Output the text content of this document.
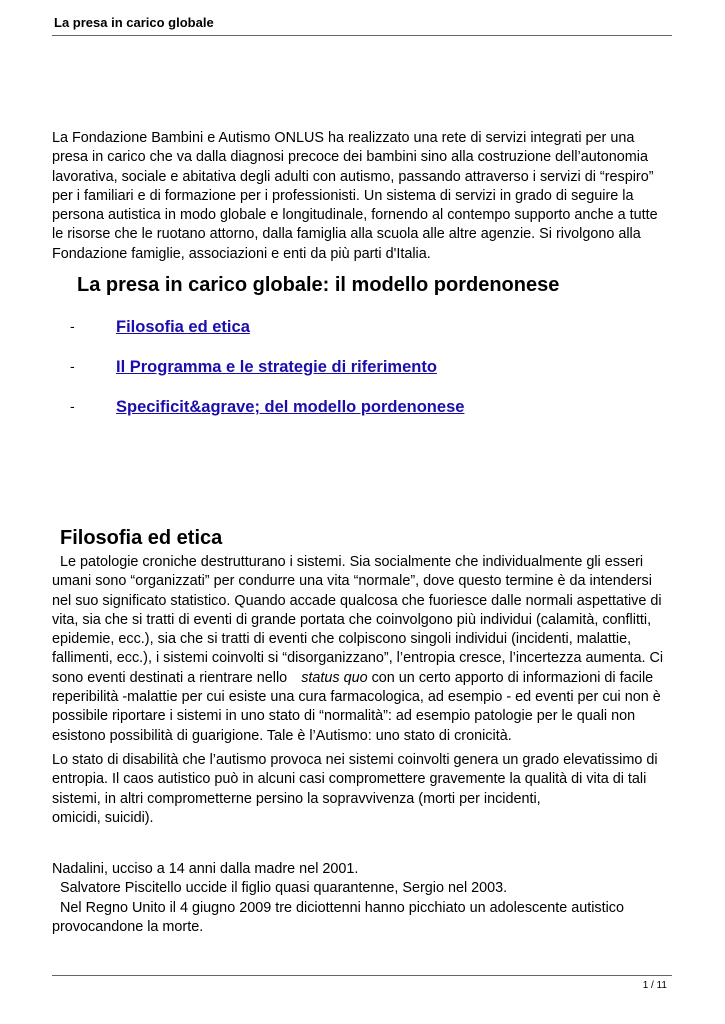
La presa in carico globale
La Fondazione Bambini e Autismo ONLUS ha realizzato una rete di servizi integrati per una
presa in carico che va dalla diagnosi precoce dei bambini sino alla costruzione dell’autonomia
lavorativa, sociale e abitativa degli adulti con autismo, passando attraverso i servizi di “respiro”
per i familiari e di formazione per i professionisti. Un sistema di servizi in grado di seguire la
persona autistica in modo globale e longitudinale, fornendo al contempo supporto anche a tutte
le risorse che le ruotano attorno, dalla famiglia alla scuola alle altre agenzie. Si rivolgono alla
Fondazione famiglie, associazioni e enti da più parti d'Italia.
La presa in carico globale: il modello pordenonese
-	Filosofia ed etica
-	Il Programma e le strategie di riferimento
-	Specificit&agrave; del modello pordenonese
Filosofia ed etica
Le patologie croniche destrutturano i sistemi. Sia socialmente che individualmente gli esseri
umani sono “organizzati” per condurre una vita “normale”, dove questo termine è da intendersi
nel suo significato statistico. Quando accade qualcosa che fuoriesce dalle normali aspettative di
vita, sia che si tratti di eventi di grande portata che coinvolgono più individui (calamità, conflitti,
epidemie, ecc.), sia che si tratti di eventi che colpiscono singoli individui (incidenti, malattie,
fallimenti, ecc.), i sistemi coinvolti si “disorganizzano”, l’entropia cresce, l’incertezza aumenta. Ci
sono eventi destinati a rientrare nello status quo con un certo apporto di informazioni di facile
reperibilità -malattie per cui esiste una cura farmacologica, ad esempio - ed eventi per cui non è
possibile riportare i sistemi in uno stato di “normalità”: ad esempio patologie per le quali non
esistono possibilità di guarigione. Tale è l’Autismo: uno stato di cronicità.
Lo stato di disabilità che l’autismo provoca nei sistemi coinvolti genera un grado elevatissimo di
entropia. Il caos autistico può in alcuni casi compromettere gravemente la qualità di vita di tali
sistemi, in altri comprometterne persino la sopravvivenza (morti per incidenti,
omicidi, suicidi).
Nadalini, ucciso a 14 anni dalla madre nel 2001.
Salvatore Piscitello uccide il figlio quasi quarantenne, Sergio nel 2003.
Nel Regno Unito il 4 giugno 2009 tre diciottenni hanno picchiato un adolescente autistico
provocandone la morte.
1 / 11
